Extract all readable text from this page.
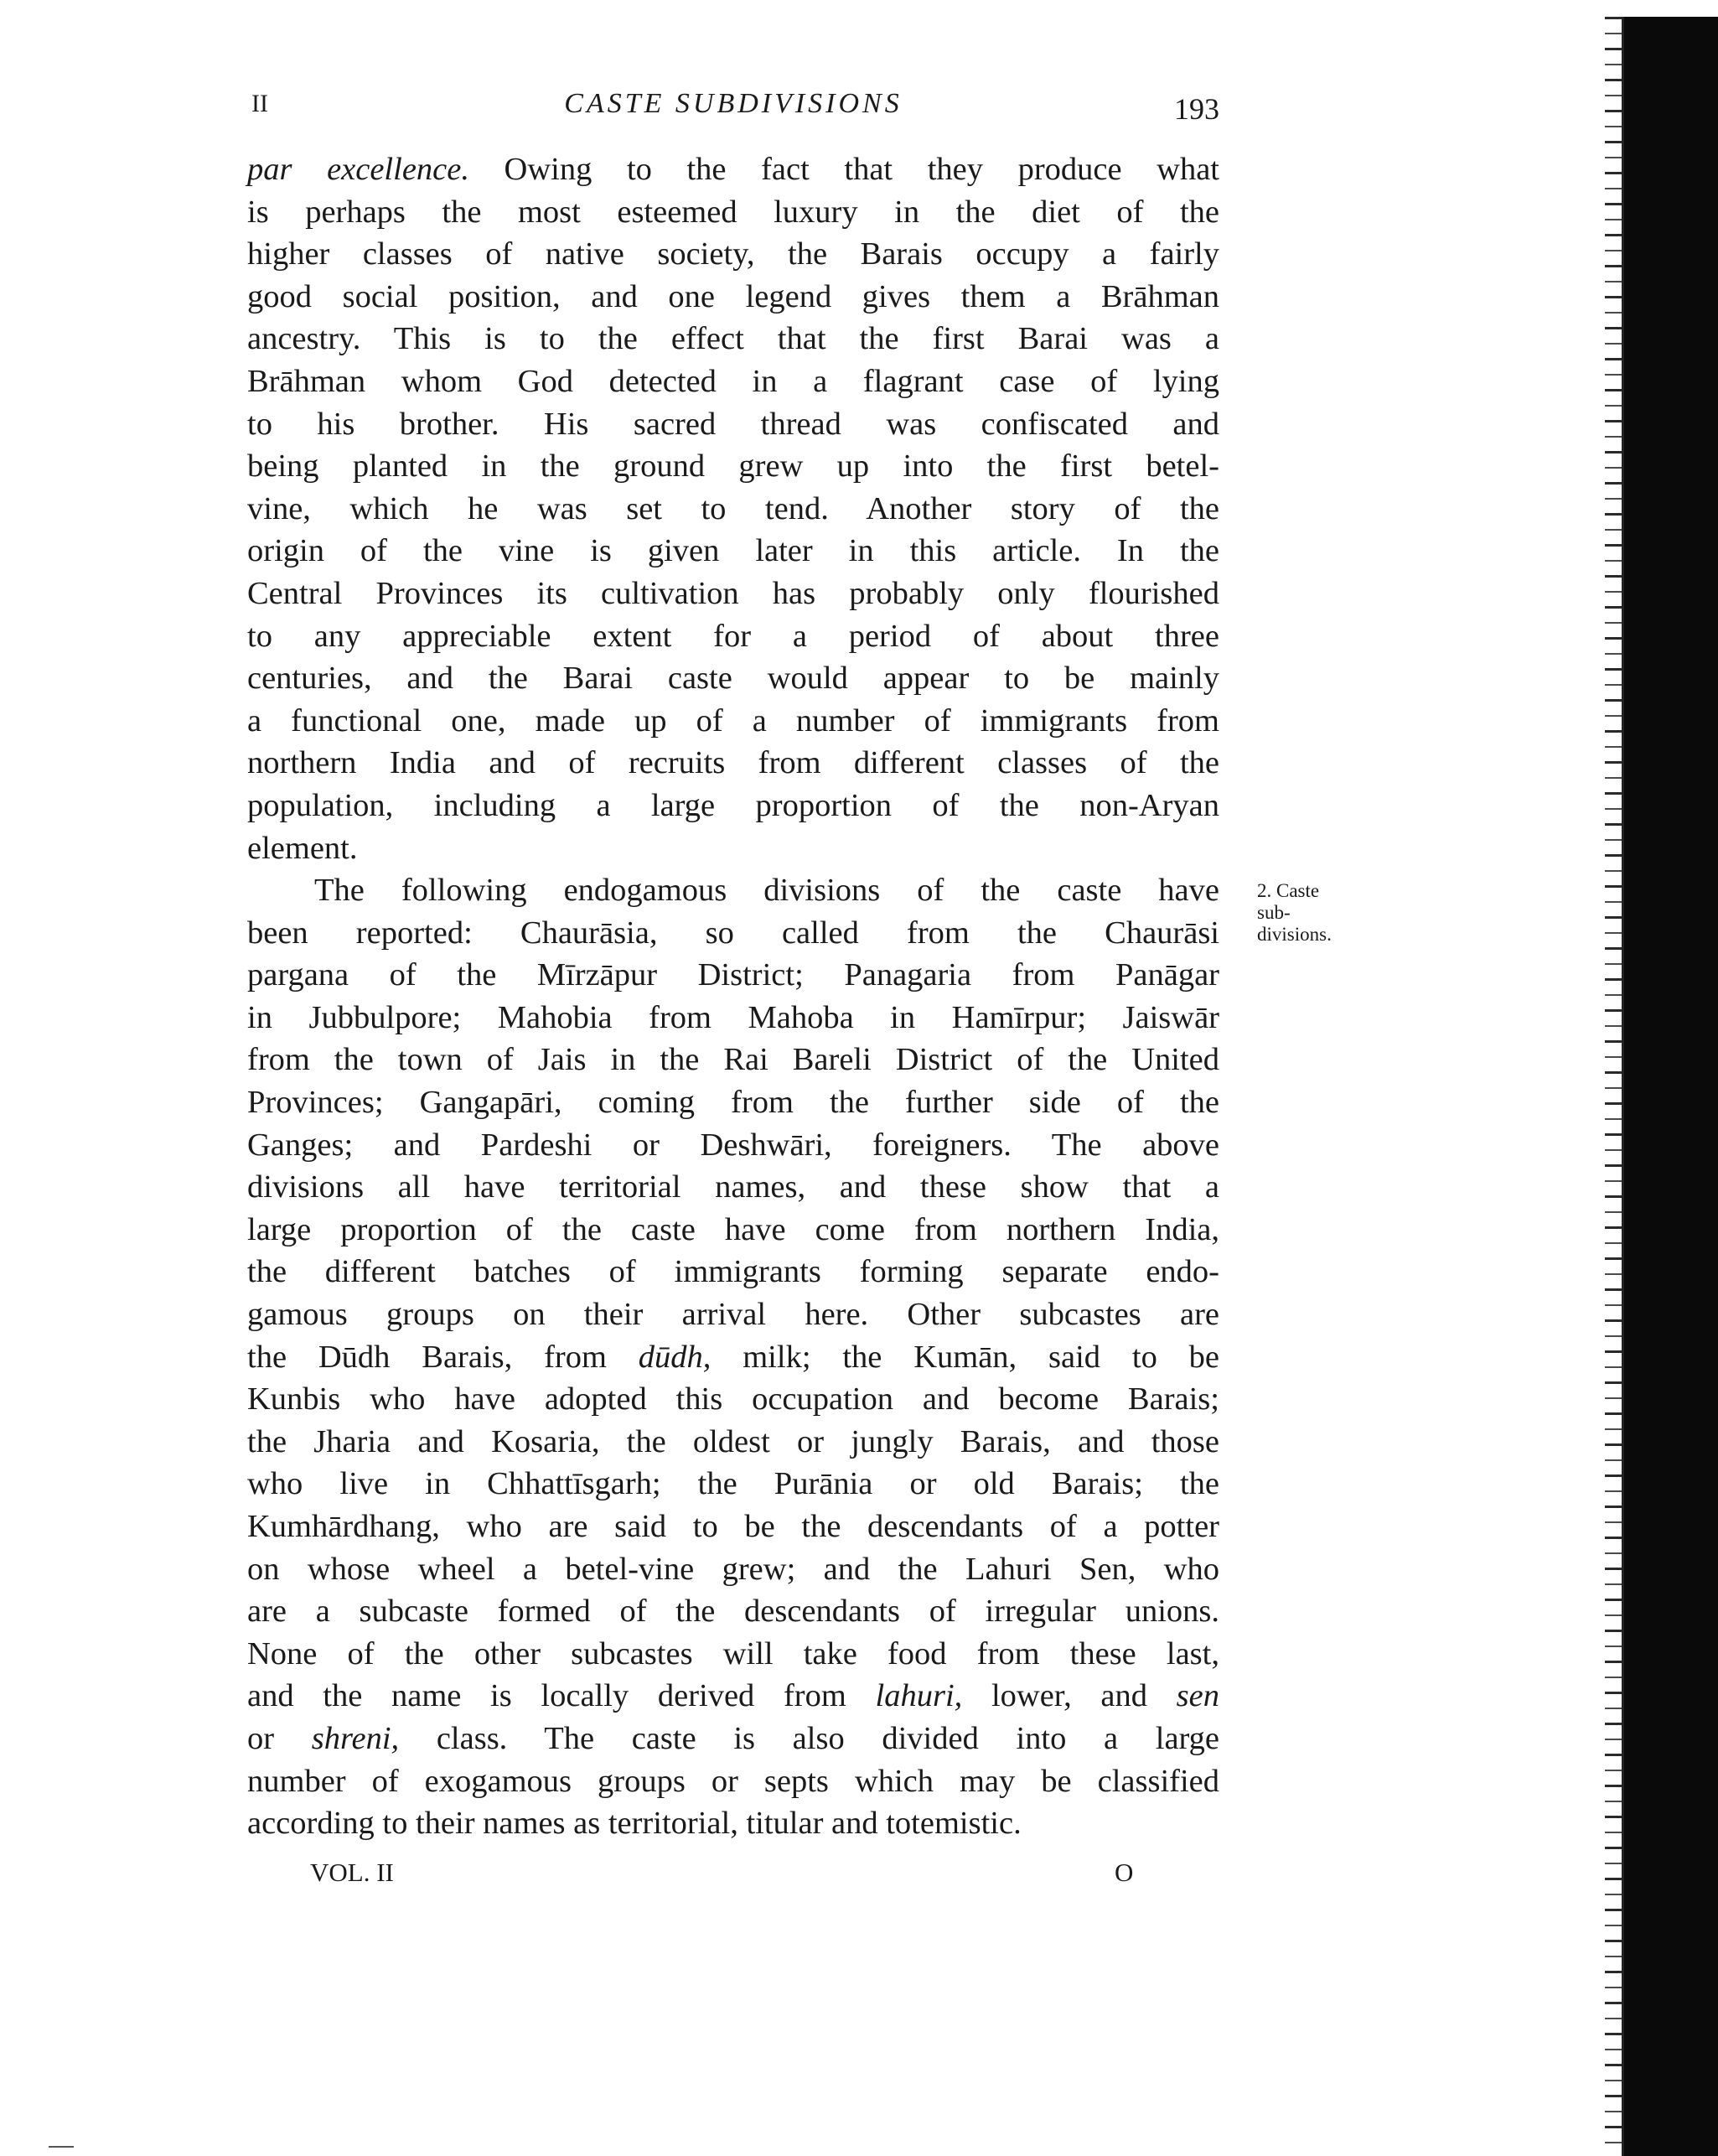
II	CASTE SUBDIVISIONS	193
par excellence. Owing to the fact that they produce what
is perhaps the most esteemed luxury in the diet of the
higher classes of native society, the Barais occupy a fairly
good social position, and one legend gives them a Brāhman
ancestry. This is to the effect that the first Barai was a
Brāhman whom God detected in a flagrant case of lying
to his brother. His sacred thread was confiscated and
being planted in the ground grew up into the first betel-
vine, which he was set to tend. Another story of the
origin of the vine is given later in this article. In the
Central Provinces its cultivation has probably only flourished
to any appreciable extent for a period of about three
centuries, and the Barai caste would appear to be mainly
a functional one, made up of a number of immigrants from
northern India and of recruits from different classes of the
population, including a large proportion of the non-Aryan
element.
The following endogamous divisions of the caste have
been reported: Chaurāsia, so called from the Chaurāsi
pargana of the Mīrzāpur District; Panagaria from Panāgar
in Jubbulpore; Mahobia from Mahoba in Hamīrpur; Jaiswār
from the town of Jais in the Rai Bareli District of the United
Provinces; Gangapāri, coming from the further side of the
Ganges; and Pardeshi or Deshwāri, foreigners. The above
divisions all have territorial names, and these show that a
large proportion of the caste have come from northern India,
the different batches of immigrants forming separate endo-
gamous groups on their arrival here. Other subcastes are
the Dūdh Barais, from dūdh, milk; the Kumān, said to be
Kunbis who have adopted this occupation and become Barais;
the Jharia and Kosaria, the oldest or jungly Barais, and those
who live in Chhattīsgarh; the Purānia or old Barais; the
Kumhārdhang, who are said to be the descendants of a potter
on whose wheel a betel-vine grew; and the Lahuri Sen, who
are a subcaste formed of the descendants of irregular unions.
None of the other subcastes will take food from these last,
and the name is locally derived from lahuri, lower, and sen
or shreni, class. The caste is also divided into a large
number of exogamous groups or septs which may be classified
according to their names as territorial, titular and totemistic.
2. Caste
sub-
divisions.
VOL. II	O
